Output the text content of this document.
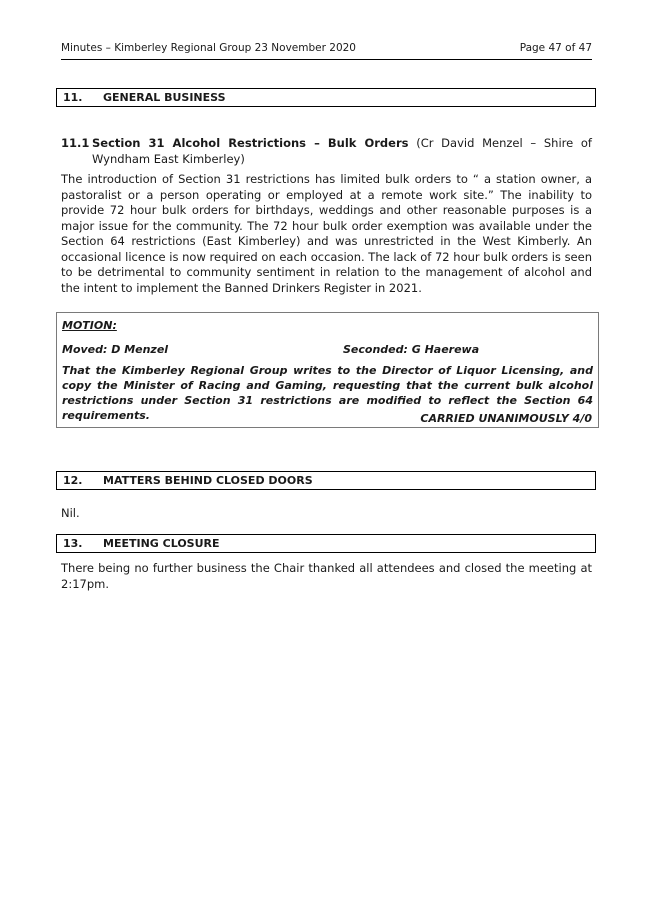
Minutes – Kimberley Regional Group 23 November 2020	Page 47 of 47
11. GENERAL BUSINESS
11.1 Section 31 Alcohol Restrictions – Bulk Orders (Cr David Menzel – Shire of Wyndham East Kimberley)

The introduction of Section 31 restrictions has limited bulk orders to “ a station owner, a pastoralist or a person operating or employed at a remote work site.” The inability to provide 72 hour bulk orders for birthdays, weddings and other reasonable purposes is a major issue for the community. The 72 hour bulk order exemption was available under the Section 64 restrictions (East Kimberley) and was unrestricted in the West Kimberly. An occasional licence is now required on each occasion. The lack of 72 hour bulk orders is seen to be detrimental to community sentiment in relation to the management of alcohol and the intent to implement the Banned Drinkers Register in 2021.

MOTION:
Moved: D Menzel	Seconded: G Haerewa
That the Kimberley Regional Group writes to the Director of Liquor Licensing, and copy the Minister of Racing and Gaming, requesting that the current bulk alcohol restrictions under Section 31 restrictions are modified to reflect the Section 64 requirements.	CARRIED UNANIMOUSLY 4/0
12. MATTERS BEHIND CLOSED DOORS

Nil.

13. MEETING CLOSURE

There being no further business the Chair thanked all attendees and closed the meeting at 2:17pm.
